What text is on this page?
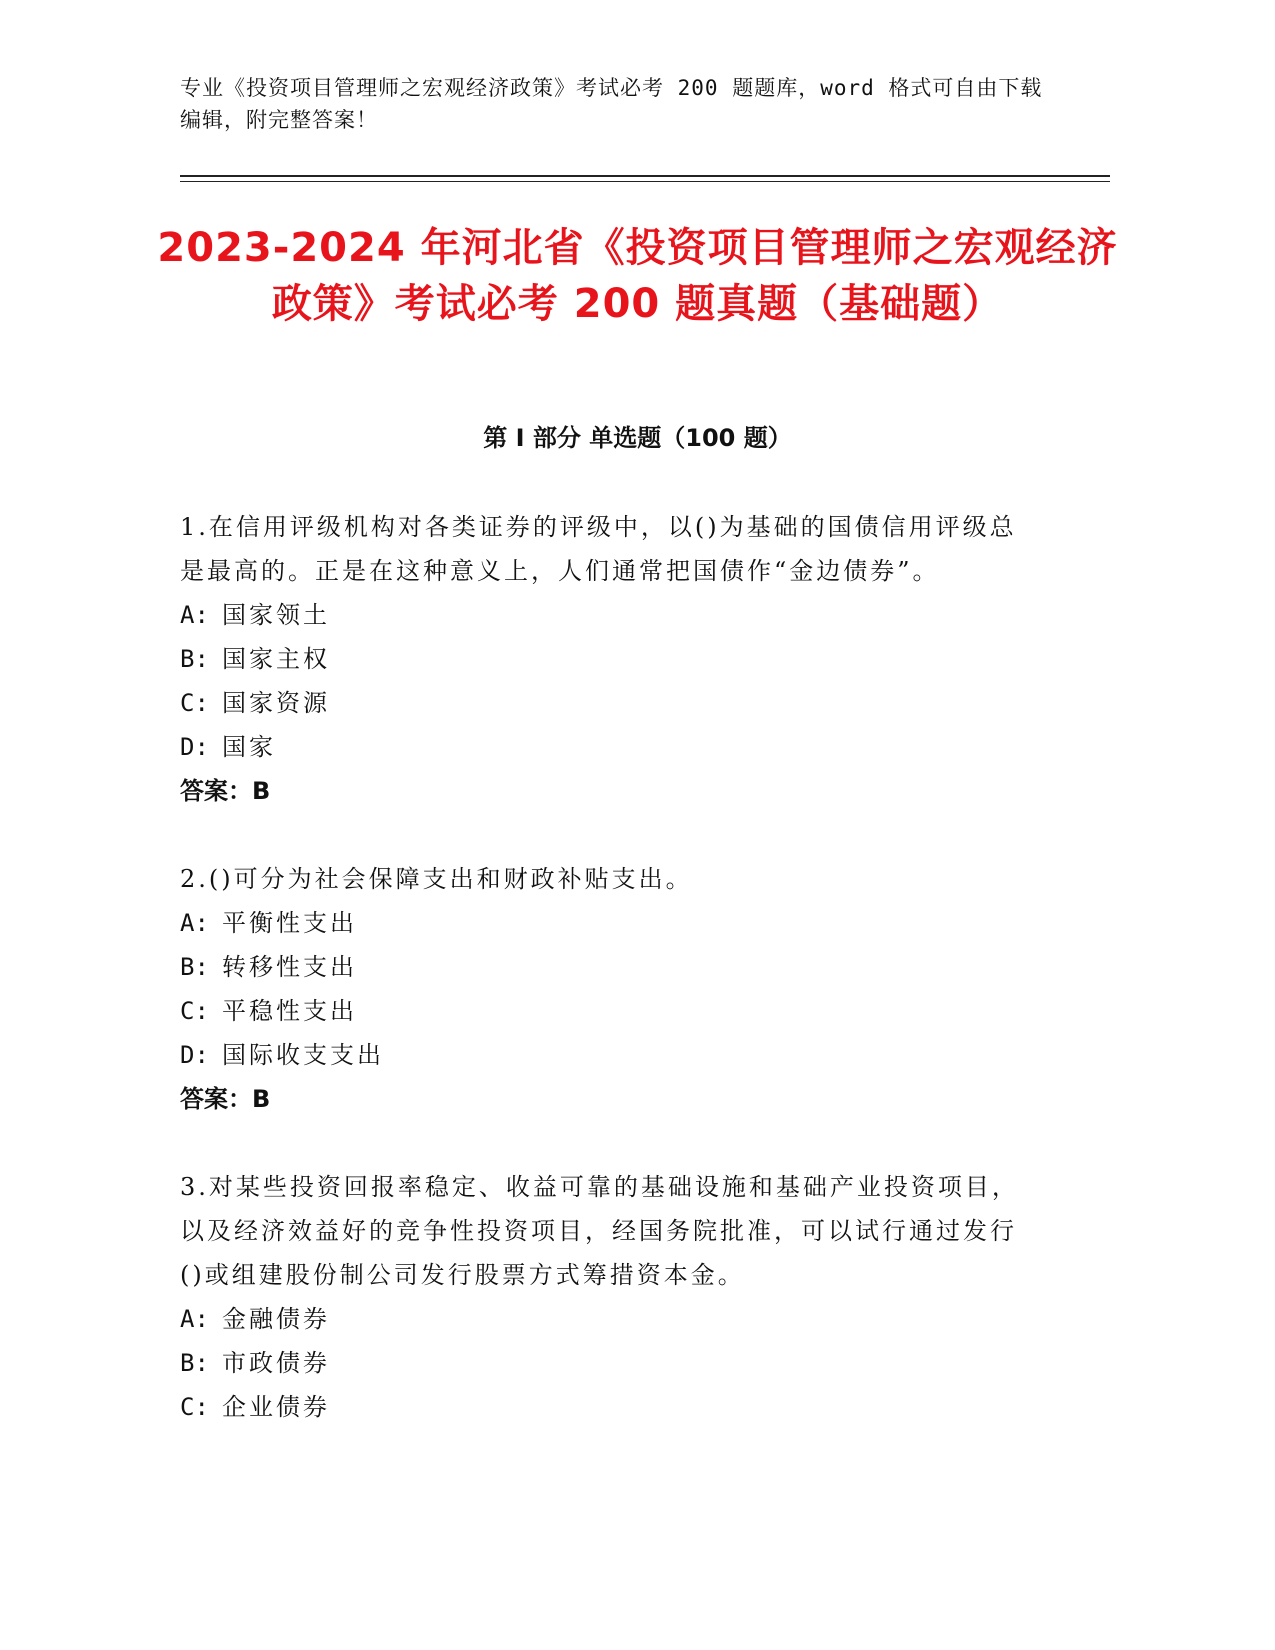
专业《投资项目管理师之宏观经济政策》考试必考 200 题题库，word 格式可自由下载编辑，附完整答案！
2023-2024 年河北省《投资项目管理师之宏观经济政策》考试必考 200 题真题（基础题）
第 I 部分 单选题（100 题）

1.在信用评级机构对各类证券的评级中，以()为基础的国债信用评级总是最高的。正是在这种意义上，人们通常把国债作“金边债券”。

A: 国家领土
B: 国家主权
C: 国家资源
D: 国家
答案：B

2.()可分为社会保障支出和财政补贴支出。

A: 平衡性支出
B: 转移性支出
C: 平稳性支出
D: 国际收支支出
答案：B

3.对某些投资回报率稳定、收益可靠的基础设施和基础产业投资项目，以及经济效益好的竞争性投资项目，经国务院批准，可以试行通过发行()或组建股份制公司发行股票方式筹措资本金。

A: 金融债券
B: 市政债券
C: 企业债券
